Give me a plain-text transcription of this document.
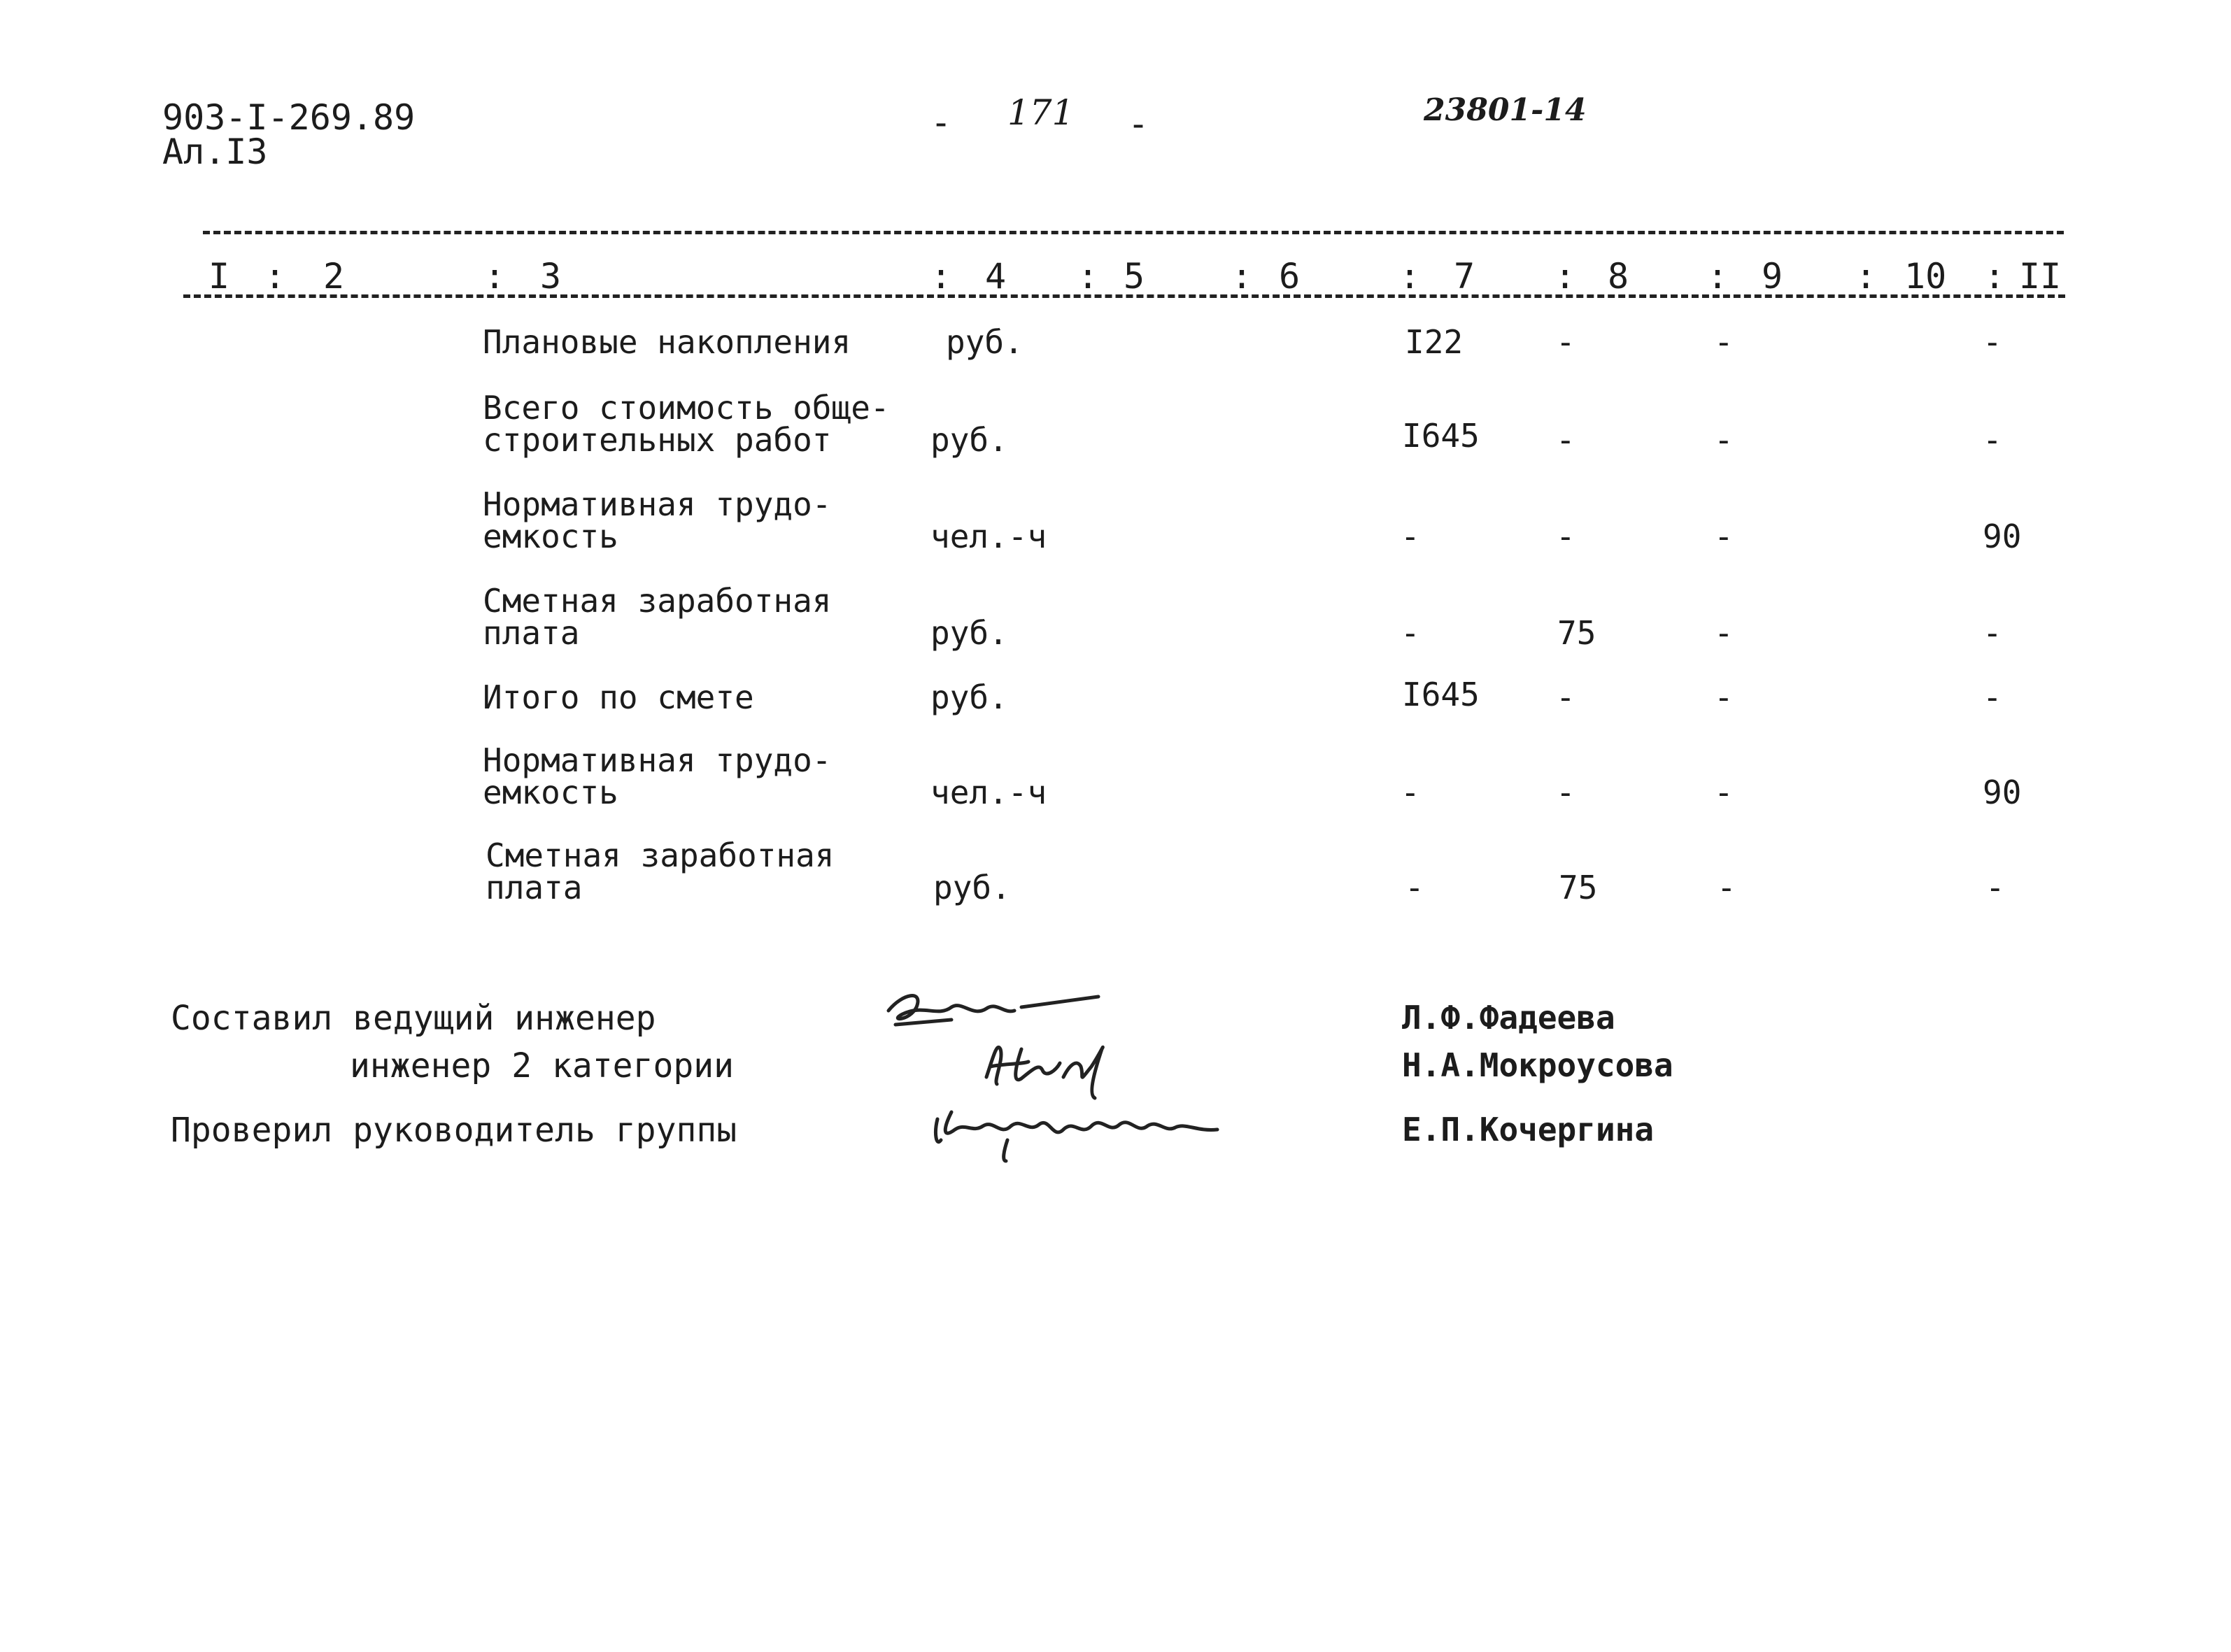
903-I-269.89
Ал.I3
- 171 -	23801-14
I : 2	: 3	: 4 : 5 : 6	: 7 : 8 : 9 : 10 : II
Плановые накопления	руб.	I22	-	-	-
Всего стоимость обще-
строительных работ	руб.	I645 -	-	-
Нормативная трудо-
емкость	чел.-ч	-	-	-	90
Сметная заработная
плата	руб.	-	75	-	-
Итого по смете	руб.	I645 -	-	-
Нормативная трудо-
емкость	чел.-ч	-	-	-	90
Сметная заработная
плата	руб.	-	75	-	-
Составил ведущий инженер
инженер 2 категории
Проверил руководитель группы
Л.Ф.Фадеева
Н.А.Мокроусова
Е.П.Кочергина
